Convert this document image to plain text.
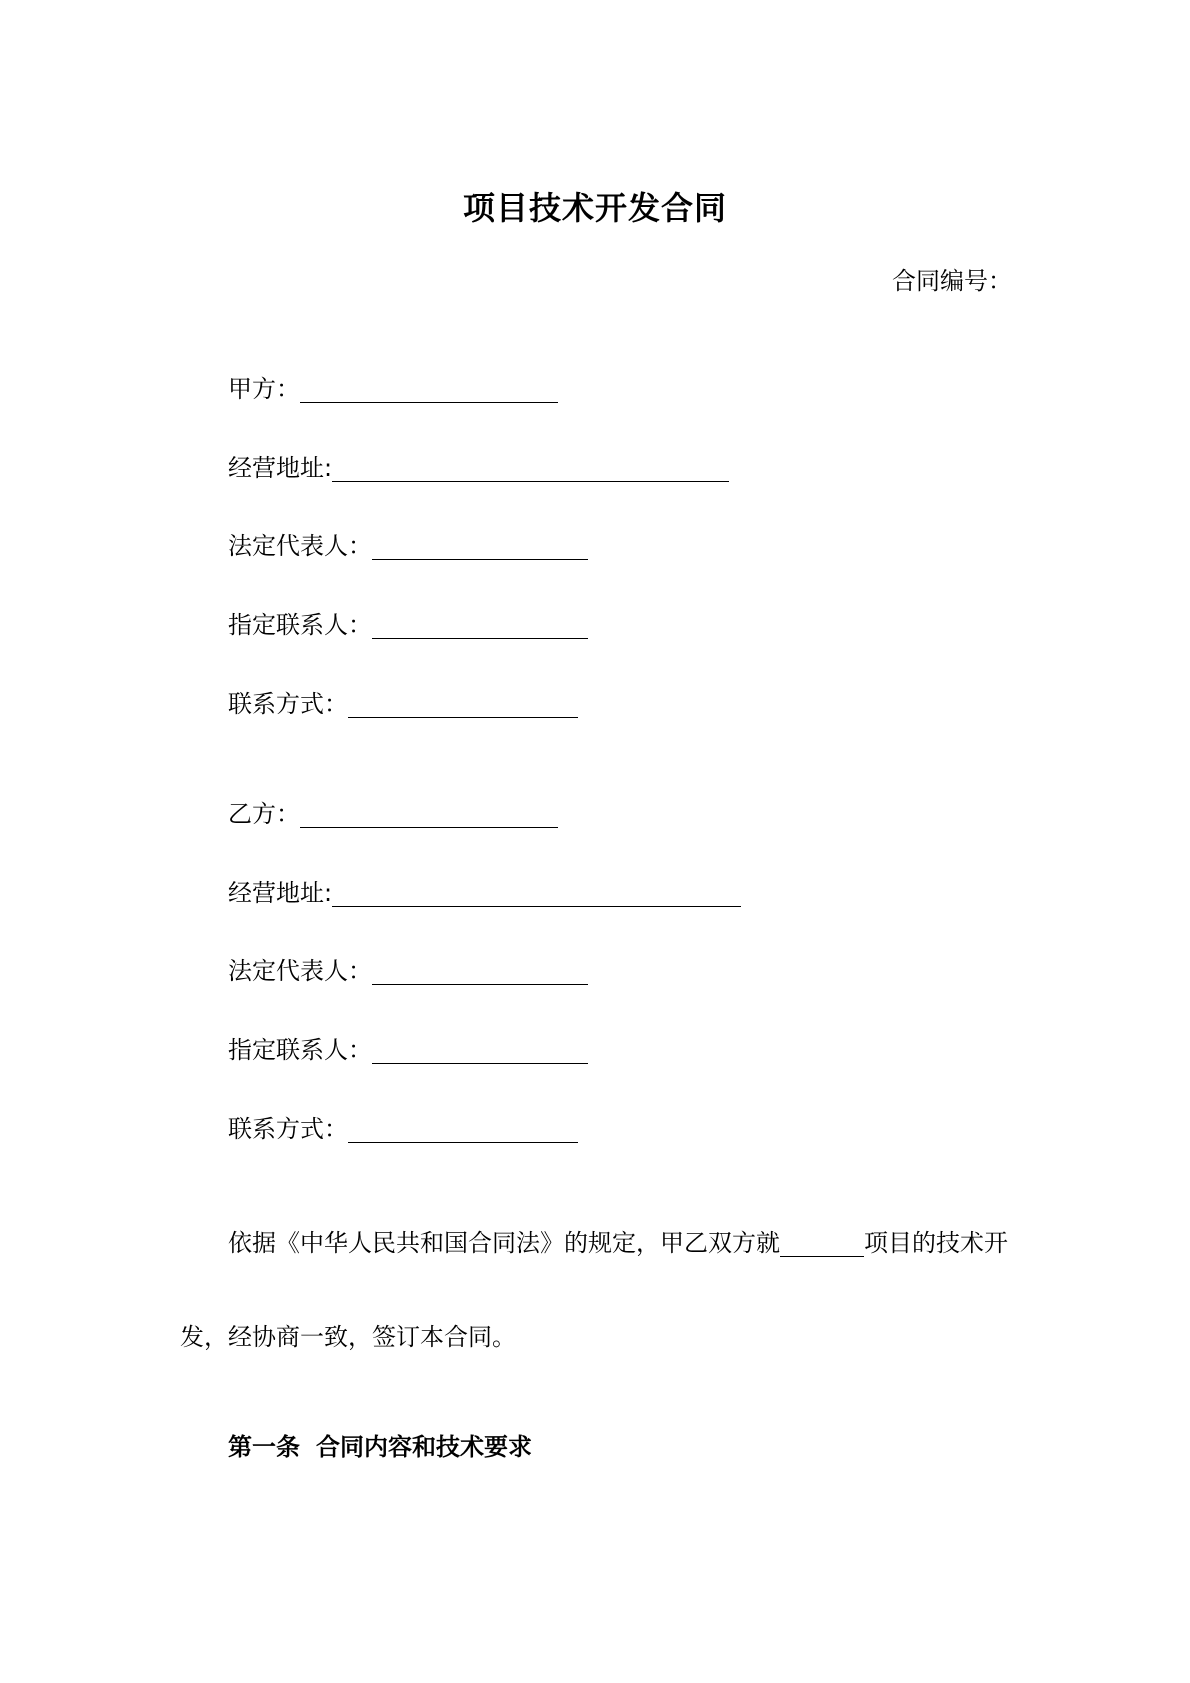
项目技术开发合同
合同编号：
甲方：
经营地址:
法定代表人：
指定联系人：
联系方式：
乙方：
经营地址:
法定代表人：
指定联系人：
联系方式：
依据《中华人民共和国合同法》的规定，甲乙双方就	项目的技术开
发，经协商一致，签订本合同。
第一条 合同内容和技术要求
